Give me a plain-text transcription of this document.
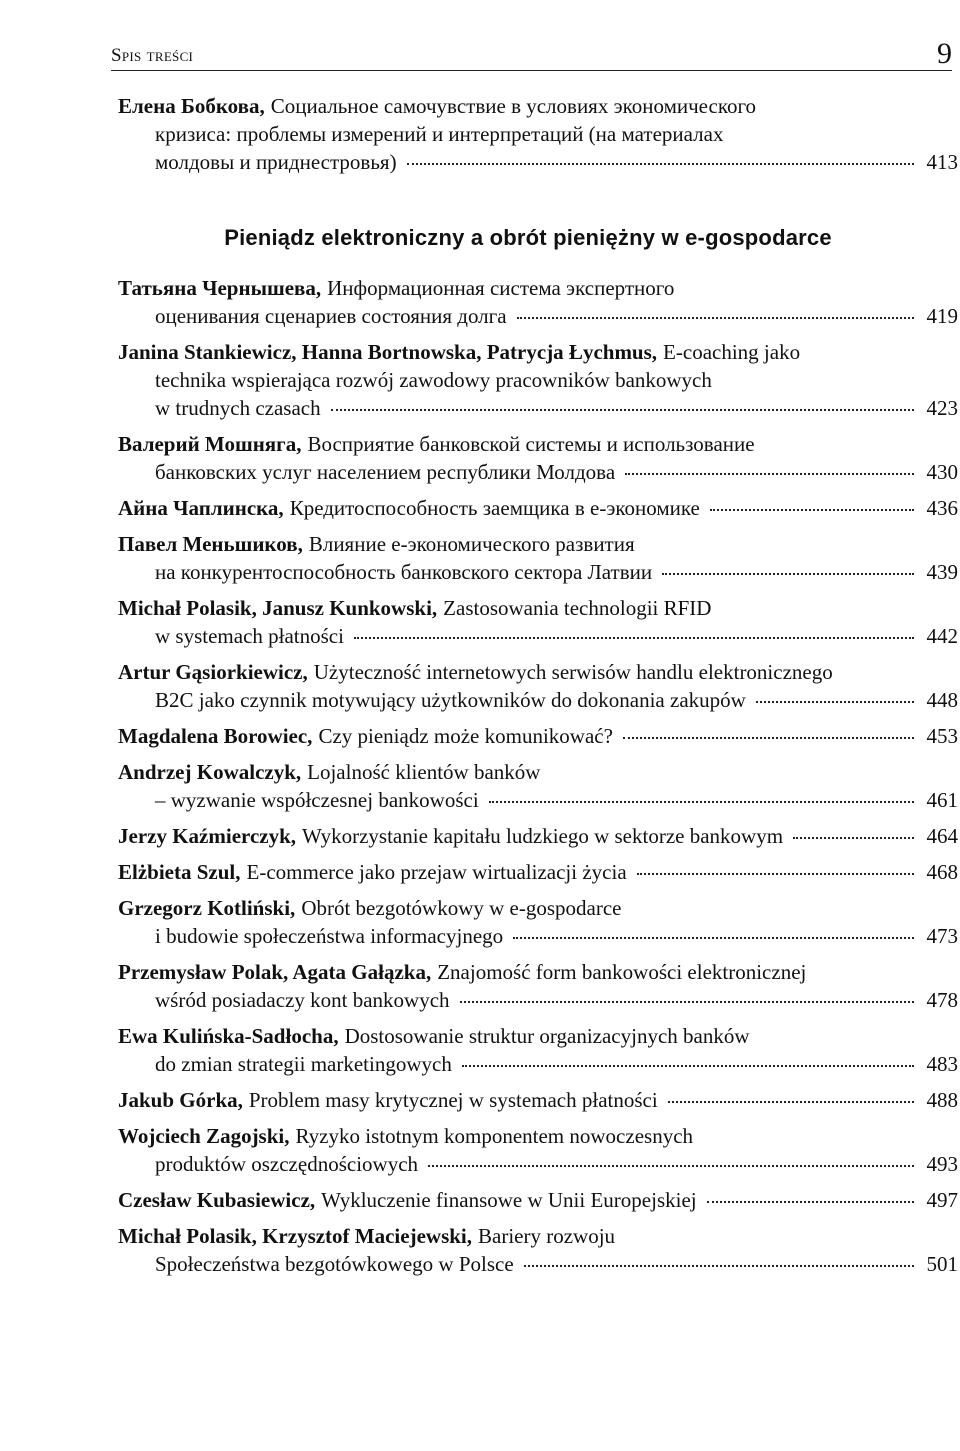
Spis treści	9
Елена Бобкова, Социальное самочувствие в условиях экономического
кризиса: проблемы измерений и интерпретаций (на материалах
молдовы и приднестровья)	413
Pieniądz elektroniczny a obrót pieniężny w e-gospodarce
Татьяна Чернышева, Информационная система экспертного
оценивания сценариев состояния долга	419
Janina Stankiewicz, Hanna Bortnowska, Patrycja Łychmus, E-coaching jako
technika wspierająca rozwój zawodowy pracowników bankowych
w trudnych czasach	423
Валерий Мошняга, Восприятие банковской системы и использование
банковских услуг населением республики Молдова	430
Айна Чаплинска, Кредитоспособность заемщика в е-экономике	436
Павел Меньшиков, Влияние е-экономического развития
на конкурентоспособность банковского сектора Латвии	439
Michał Polasik, Janusz Kunkowski, Zastosowania technologii RFID
w systemach płatności	442
Artur Gąsiorkiewicz, Użyteczność internetowych serwisów handlu elektronicznego
B2C jako czynnik motywujący użytkowników do dokonania zakupów	448
Magdalena Borowiec, Czy pieniądz może komunikować?	453
Andrzej Kowalczyk, Lojalność klientów banków
– wyzwanie współczesnej bankowości	461
Jerzy Kaźmierczyk, Wykorzystanie kapitału ludzkiego w sektorze bankowym	464
Elżbieta Szul, E-commerce jako przejaw wirtualizacji życia	468
Grzegorz Kotliński, Obrót bezgotówkowy w e-gospodarce
i budowie społeczeństwa informacyjnego	473
Przemysław Polak, Agata Gałązka, Znajomość form bankowości elektronicznej
wśród posiadaczy kont bankowych	478
Ewa Kulińska-Sadłocha, Dostosowanie struktur organizacyjnych banków
do zmian strategii marketingowych	483
Jakub Górka, Problem masy krytycznej w systemach płatności	488
Wojciech Zagojski, Ryzyko istotnym komponentem nowoczesnych
produktów oszczędnościowych	493
Czesław Kubasiewicz, Wykluczenie finansowe w Unii Europejskiej	497
Michał Polasik, Krzysztof Maciejewski, Bariery rozwoju
Społeczeństwa bezgotówkowego w Polsce	501
